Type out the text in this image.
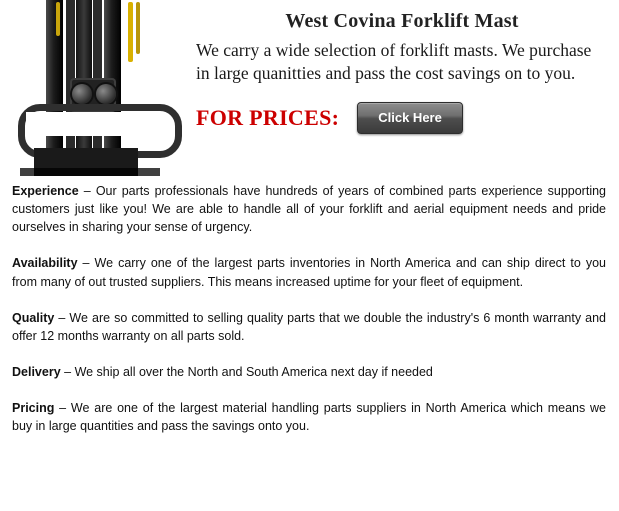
West Covina Forklift Mast

We carry a wide selection of forklift masts. We purchase in large quanitties and pass the cost savings on to you.

FOR PRICES:	Click Here

Experience – Our parts professionals have hundreds of years of combined parts experience supporting customers just like you! We are able to handle all of your forklift and aerial equipment needs and pride ourselves in sharing your sense of urgency.

Availability – We carry one of the largest parts inventories in North America and can ship direct to you from many of out trusted suppliers. This means increased uptime for your fleet of equipment.

Quality – We are so committed to selling quality parts that we double the industry's 6 month warranty and offer 12 months warranty on all parts sold.

Delivery – We ship all over the North and South America next day if needed

Pricing – We are one of the largest material handling parts suppliers in North America which means we buy in large quantities and pass the savings onto you.
